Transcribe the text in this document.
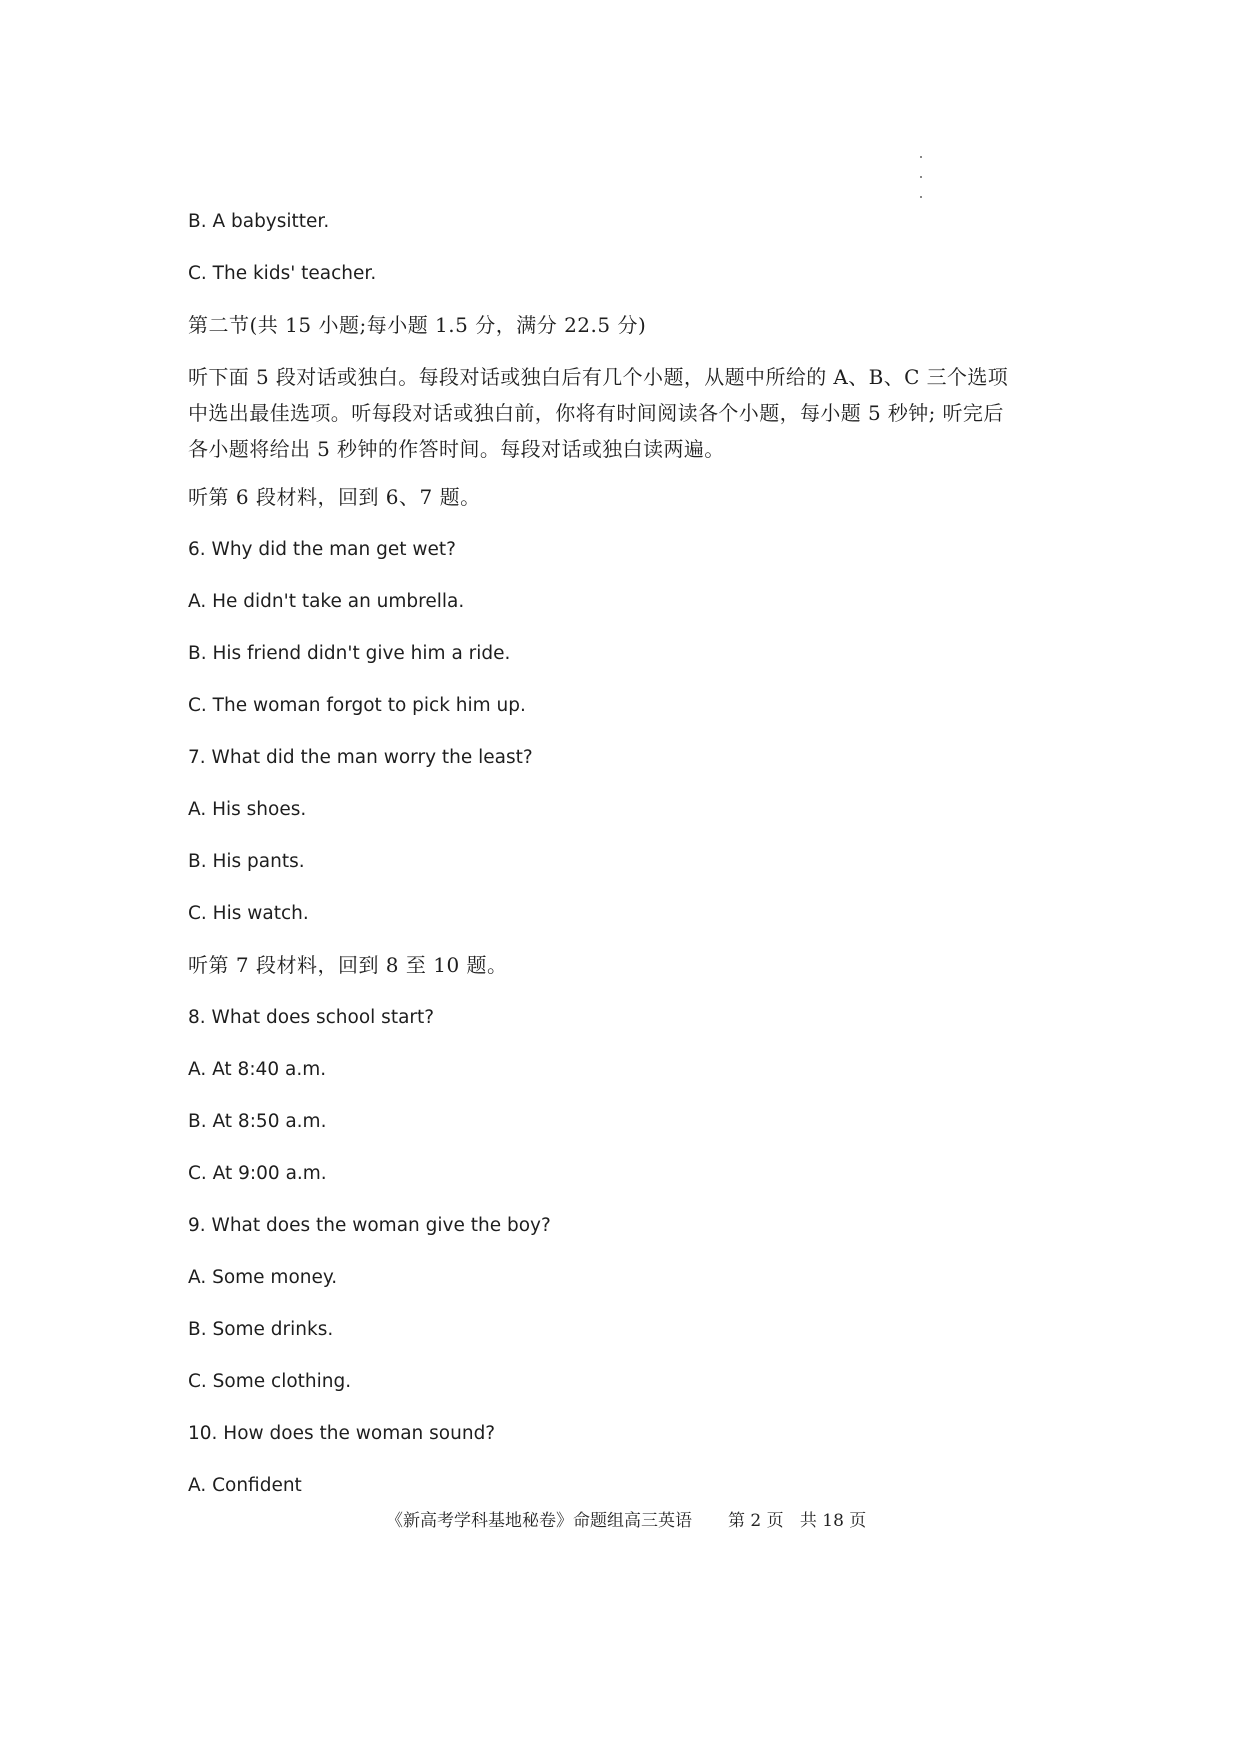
B. A babysitter.
C. The kids' teacher.
第二节(共 15 小题;每小题 1.5 分，满分 22.5 分)
听下面 5 段对话或独白。每段对话或独白后有几个小题，从题中所给的 A、B、C 三个选项
中选出最佳选项。听每段对话或独白前，你将有时间阅读各个小题，每小题 5 秒钟; 听完后
各小题将给出 5 秒钟的作答时间。每段对话或独白读两遍。
听第 6 段材料，回到 6、7 题。
6. Why did the man get wet?
A. He didn't take an umbrella.
B. His friend didn't give him a ride.
C. The woman forgot to pick him up.
7. What did the man worry the least?
A. His shoes.
B. His pants.
C. His watch.
听第 7 段材料，回到 8 至 10 题。
8. What does school start?
A. At 8:40 a.m.
B. At 8:50 a.m.
C. At 9:00 a.m.
9. What does the woman give the boy?
A. Some money.
B. Some drinks.
C. Some clothing.
10. How does the woman sound?
A. Confident
《新高考学科基地秘卷》命题组高三英语 第 2 页 共 18 页
